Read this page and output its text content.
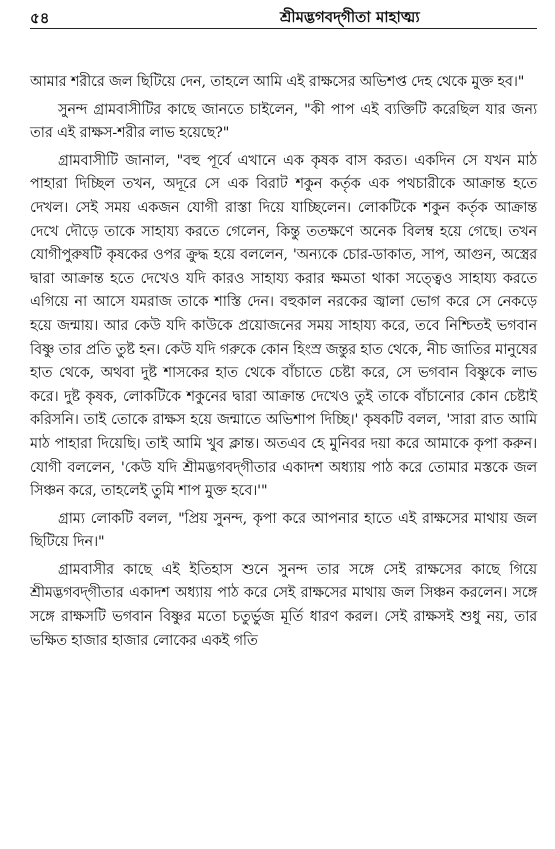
৫৪	শ্রীমদ্ভগবদ্‌গীতা মাহাত্ম্য

আমার শরীরে জল ছিটিয়ে দেন, তাহলে আমি এই রাক্ষসের অভিশপ্ত দেহ থেকে মুক্ত হব।"

সুনন্দ গ্রামবাসীটির কাছে জানতে চাইলেন, "কী পাপ এই ব্যক্তিটি করেছিল যার জন্য তার এই রাক্ষস-শরীর লাভ হয়েছে?"

গ্রামবাসীটি জানাল, "বহু পূর্বে এখানে এক কৃষক বাস করত। একদিন সে যখন মাঠ পাহারা দিচ্ছিল তখন, অদূরে সে এক বিরাট শকুন কর্তৃক এক পথচারীকে আক্রান্ত হতে দেখল। সেই সময় একজন যোগী রাস্তা দিয়ে যাচ্ছিলেন। লোকটিকে শকুন কর্তৃক আক্রান্ত দেখে দৌড়ে তাকে সাহায্য করতে গেলেন, কিন্তু ততক্ষণে অনেক বিলম্ব হয়ে গেছে। তখন যোগীপুরুষটি কৃষকের ওপর ক্রুদ্ধ হয়ে বললেন, 'অন্যকে চোর-ডাকাত, সাপ, আগুন, অস্ত্রের দ্বারা আক্রান্ত হতে দেখেও যদি কারও সাহায্য করার ক্ষমতা থাকা সত্ত্বেও সাহায্য করতে এগিয়ে না আসে যমরাজ তাকে শাস্তি দেন। বহুকাল নরকের জ্বালা ভোগ করে সে নেকড়ে হয়ে জন্মায়। আর কেউ যদি কাউকে প্রয়োজনের সময় সাহায্য করে, তবে নিশ্চিতই ভগবান বিষ্ণু তার প্রতি তুষ্ট হন। কেউ যদি গরুকে কোন হিংস্র জন্তুর হাত থেকে, নীচ জাতির মানুষের হাত থেকে, অথবা দুষ্ট শাসকের হাত থেকে বাঁচাতে চেষ্টা করে, সে ভগবান বিষ্ণুকে লাভ করে। দুষ্ট কৃষক, লোকটিকে শকুনের দ্বারা আক্রান্ত দেখেও তুই তাকে বাঁচানোর কোন চেষ্টাই করিসনি। তাই তোকে রাক্ষস হয়ে জন্মাতে অভিশাপ দিচ্ছি।' কৃষকটি বলল, 'সারা রাত আমি মাঠ পাহারা দিয়েছি। তাই আমি খুব ক্লান্ত। অতএব হে মুনিবর দয়া করে আমাকে কৃপা করুন। যোগী বললেন, 'কেউ যদি শ্রীমদ্ভগবদ্‌গীতার একাদশ অধ্যায় পাঠ করে তোমার মস্তকে জল সিঞ্চন করে, তাহলেই তুমি শাপ মুক্ত হবে।'"

গ্রাম্য লোকটি বলল, "প্রিয় সুনন্দ, কৃপা করে আপনার হাতে এই রাক্ষসের মাথায় জল ছিটিয়ে দিন।"

গ্রামবাসীর কাছে এই ইতিহাস শুনে সুনন্দ তার সঙ্গে সেই রাক্ষসের কাছে গিয়ে শ্রীমদ্ভগবদ্‌গীতার একাদশ অধ্যায় পাঠ করে সেই রাক্ষসের মাথায় জল সিঞ্চন করলেন। সঙ্গে সঙ্গে রাক্ষসটি ভগবান বিষ্ণুর মতো চতুর্ভুজ মূর্তি ধারণ করল। সেই রাক্ষসই শুধু নয়, তার ভক্ষিত হাজার হাজার লোকের একই গতি
